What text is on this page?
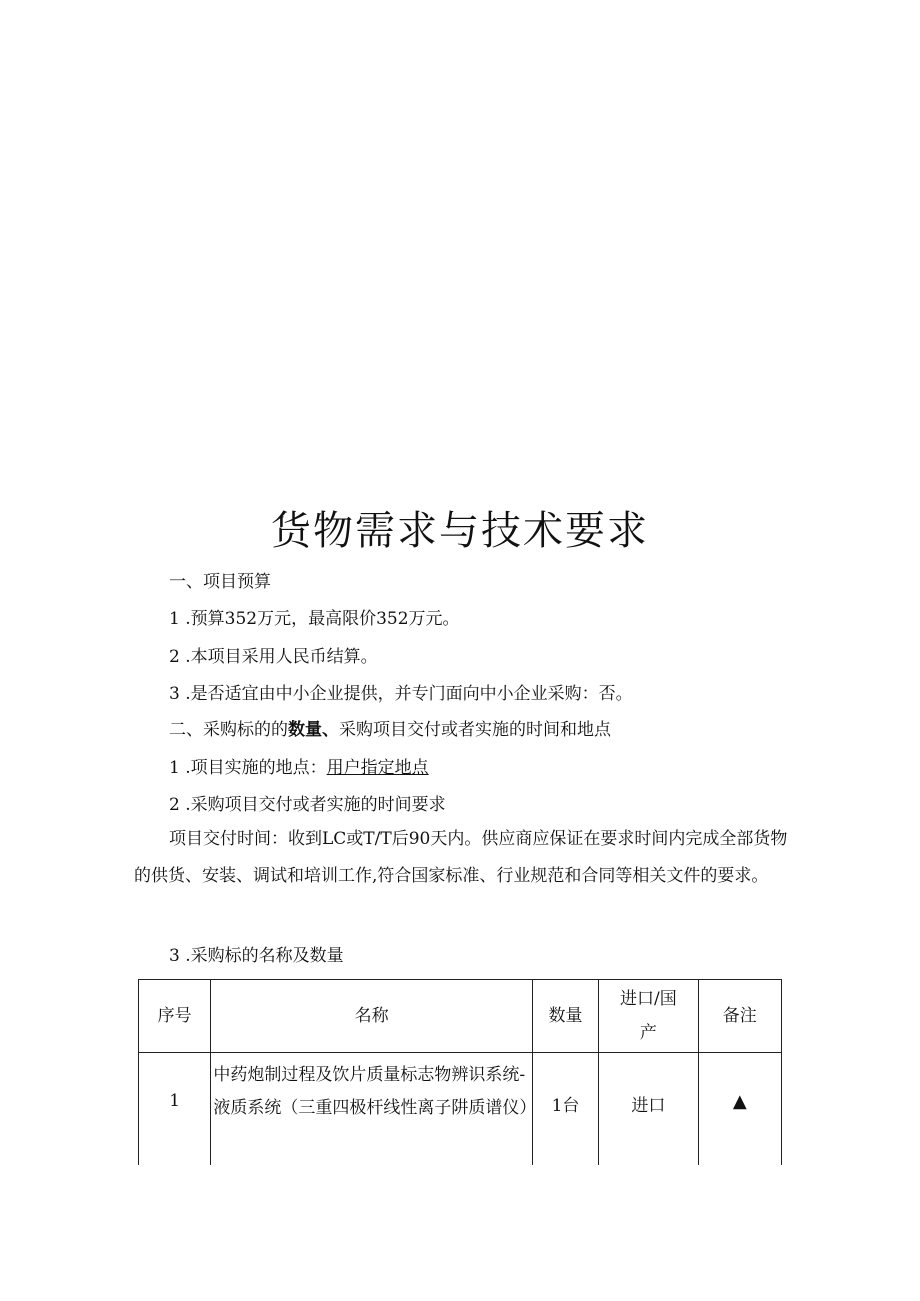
货物需求与技术要求
一、项目预算
1 .预算352万元，最高限价352万元。
2 .本项目采用人民币结算。
3 .是否适宜由中小企业提供，并专门面向中小企业采购：否。
二、采购标的的数量、采购项目交付或者实施的时间和地点
1 .项目实施的地点：用户指定地点
2 .采购项目交付或者实施的时间要求
项目交付时间：收到LC或T/T后90天内。供应商应保证在要求时间内完成全部货物的供货、安装、调试和培训工作,符合国家标准、行业规范和合同等相关文件的要求。
3 .采购标的名称及数量
序号	名称	数量	进口/国产	备注

1	中药炮制过程及饮片质量标志物辨识系统-液质系统（三重四极杆线性离子阱质谱仪）	1台	进口	▲
